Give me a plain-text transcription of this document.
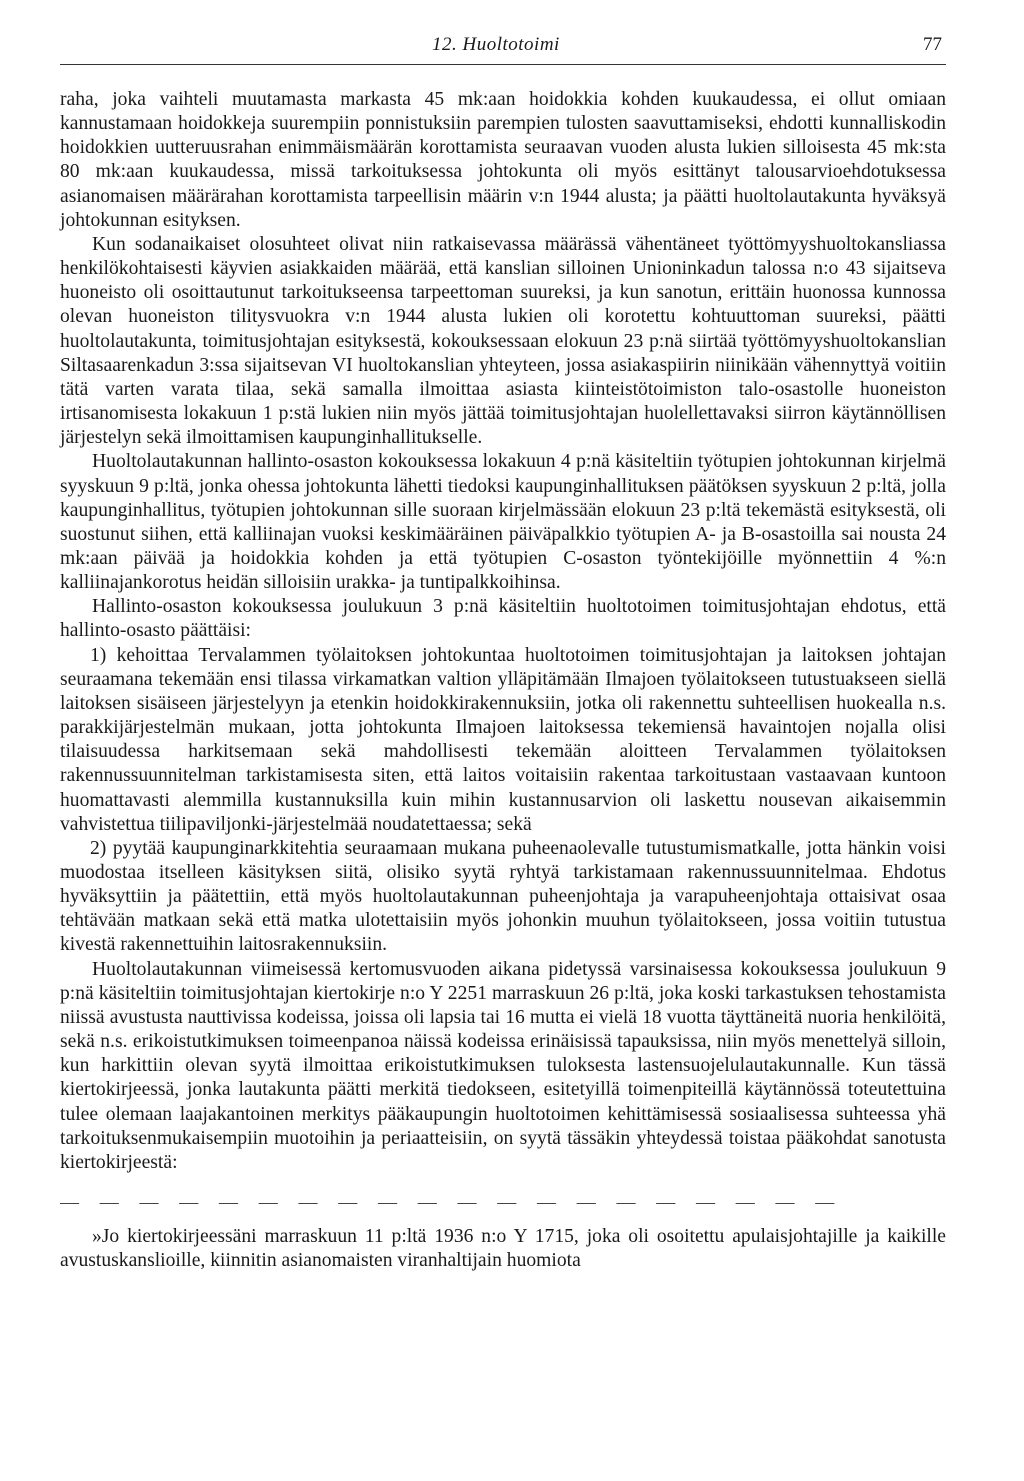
12. Huoltotoimi	77

raha, joka vaihteli muutamasta markasta 45 mk:aan hoidokkia kohden kuukaudessa, ei ollut omiaan kannustamaan hoidokkeja suurempiin ponnistuksiin parempien tulosten saavuttamiseksi, ehdotti kunnalliskodin hoidokkien uutteruusrahan enimmäismäärän korottamista seuraavan vuoden alusta lukien silloisesta 45 mk:sta 80 mk:aan kuukaudessa, missä tarkoituksessa johtokunta oli myös esittänyt talousarvioehdotuksessa asianomaisen määrärahan korottamista tarpeellisin määrin v:n 1944 alusta; ja päätti huoltolautakunta hyväksyä johtokunnan esityksen.

Kun sodanaikaiset olosuhteet olivat niin ratkaisevassa määrässä vähentäneet työttömyyshuoltokansliassa henkilökohtaisesti käyvien asiakkaiden määrää, että kanslian silloinen Unioninkadun talossa n:o 43 sijaitseva huoneisto oli osoittautunut tarkoitukseensa tarpeettoman suureksi, ja kun sanotun, erittäin huonossa kunnossa olevan huoneiston tilitysvuokra v:n 1944 alusta lukien oli korotettu kohtuuttoman suureksi, päätti huoltolautakunta, toimitusjohtajan esityksestä, kokouksessaan elokuun 23 p:nä siirtää työttömyyshuoltokanslian Siltasaarenkadun 3:ssa sijaitsevan VI huoltokanslian yhteyteen, jossa asiakaspiirin niinikään vähennyttyä voitiin tätä varten varata tilaa, sekä samalla ilmoittaa asiasta kiinteistötoimiston talo-osastolle huoneiston irtisanomisesta lokakuun 1 p:stä lukien niin myös jättää toimitusjohtajan huolellettavaksi siirron käytännöllisen järjestelyn sekä ilmoittamisen kaupunginhallitukselle.

Huoltolautakunnan hallinto-osaston kokouksessa lokakuun 4 p:nä käsiteltiin työtupien johtokunnan kirjelmä syyskuun 9 p:ltä, jonka ohessa johtokunta lähetti tiedoksi kaupunginhallituksen päätöksen syyskuun 2 p:ltä, jolla kaupunginhallitus, työtupien johtokunnan sille suoraan kirjelmässään elokuun 23 p:ltä tekemästä esityksestä, oli suostunut siihen, että kalliinajan vuoksi keskimääräinen päiväpalkkio työtupien A- ja B-osastoilla sai nousta 24 mk:aan päivää ja hoidokkia kohden ja että työtupien C-osaston työntekijöille myönnettiin 4 %:n kalliinajankorotus heidän silloisiin urakka- ja tuntipalkkoihinsa.

Hallinto-osaston kokouksessa joulukuun 3 p:nä käsiteltiin huoltotoimen toimitusjohtajan ehdotus, että hallinto-osasto päättäisi:

1) kehoittaa Tervalammen työlaitoksen johtokuntaa huoltotoimen toimitusjohtajan ja laitoksen johtajan seuraamana tekemään ensi tilassa virkamatkan valtion ylläpitämään Ilmajoen työlaitokseen tutustuakseen siellä laitoksen sisäiseen järjestelyyn ja etenkin hoidokkirakennuksiin, jotka oli rakennettu suhteellisen huokealla n.s. parakkijärjestelmän mukaan, jotta johtokunta Ilmajoen laitoksessa tekemiensä havaintojen nojalla olisi tilaisuudessa harkitsemaan sekä mahdollisesti tekemään aloitteen Tervalammen työlaitoksen rakennussuunnitelman tarkistamisesta siten, että laitos voitaisiin rakentaa tarkoitustaan vastaavaan kuntoon huomattavasti alemmilla kustannuksilla kuin mihin kustannusarvion oli laskettu nousevan aikaisemmin vahvistettua tiilipaviljonki-järjestelmää noudatettaessa; sekä

2) pyytää kaupunginarkkitehtia seuraamaan mukana puheenaolevalle tutustumismatkalle, jotta hänkin voisi muodostaa itselleen käsityksen siitä, olisiko syytä ryhtyä tarkistamaan rakennussuunnitelmaa. Ehdotus hyväksyttiin ja päätettiin, että myös huoltolautakunnan puheenjohtaja ja varapuheenjohtaja ottaisivat osaa tehtävään matkaan sekä että matka ulotettaisiin myös johonkin muuhun työlaitokseen, jossa voitiin tutustua kivestä rakennettuihin laitosrakennuksiin.

Huoltolautakunnan viimeisessä kertomusvuoden aikana pidetyssä varsinaisessa kokouksessa joulukuun 9 p:nä käsiteltiin toimitusjohtajan kiertokirje n:o Y 2251 marraskuun 26 p:ltä, joka koski tarkastuksen tehostamista niissä avustusta nauttivissa kodeissa, joissa oli lapsia tai 16 mutta ei vielä 18 vuotta täyttäneitä nuoria henkilöitä, sekä n.s. erikoistutkimuksen toimeenpanoa näissä kodeissa erinäisissä tapauksissa, niin myös menettelyä silloin, kun harkittiin olevan syytä ilmoittaa erikoistutkimuksen tuloksesta lastensuojelulautakunnalle. Kun tässä kiertokirjeessä, jonka lautakunta päätti merkitä tiedokseen, esitetyillä toimenpiteillä käytännössä toteutettuina tulee olemaan laajakantoinen merkitys pääkaupungin huoltotoimen kehittämisessä sosiaalisessa suhteessa yhä tarkoituksenmukaisempiin muotoihin ja periaatteisiin, on syytä tässäkin yhteydessä toistaa pääkohdat sanotusta kiertokirjeestä:

— — — — — — — — — — — — — — — — — — — —

»Jo kiertokirjeessäni marraskuun 11 p:ltä 1936 n:o Y 1715, joka oli osoitettu apulaisjohtajille ja kaikille avustuskanslioille, kiinnitin asianomaisten viranhaltijain huomiota
